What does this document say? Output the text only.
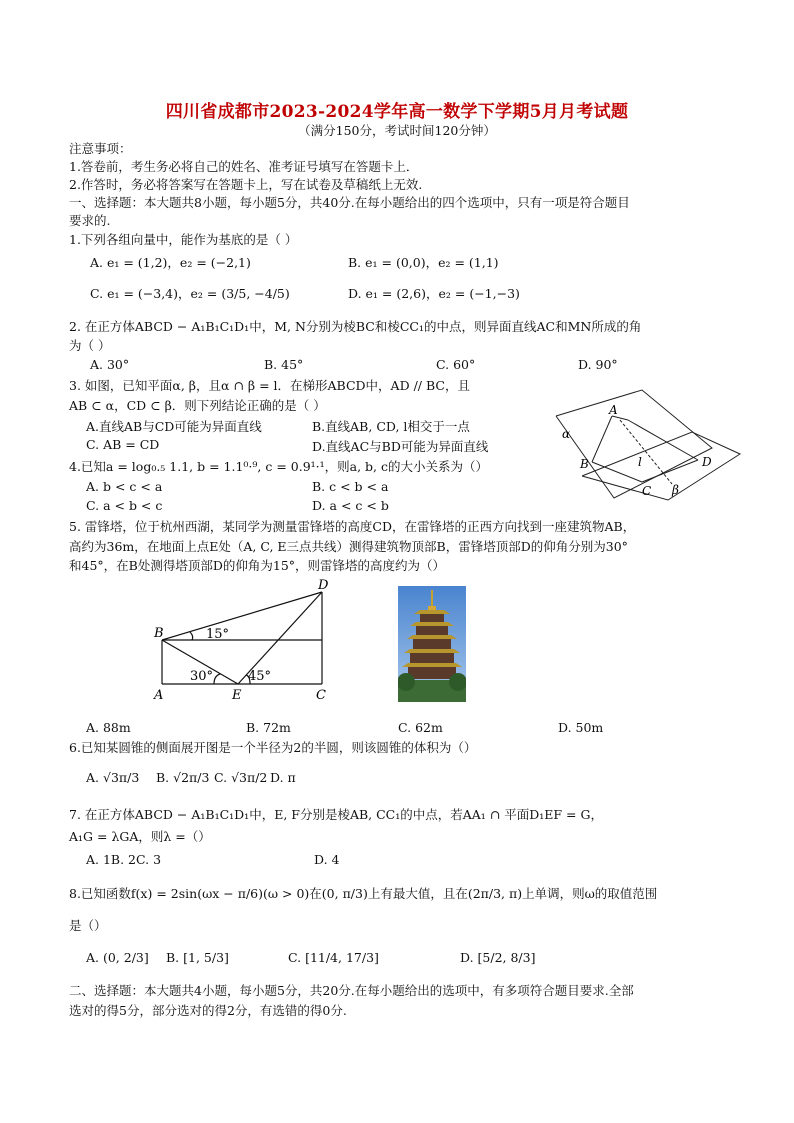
四川省成都市2023-2024学年高一数学下学期5月月考试题
（满分150分，考试时间120分钟）
注意事项：
1.答卷前，考生务必将自己的姓名、准考证号填写在答题卡上．
2.作答时，务必将答案写在答题卡上，写在试卷及草稿纸上无效.
一、选择题：本大题共8小题，每小题5分，共40分.在每小题给出的四个选项中，只有一项是符合题目
要求的.
1.下列各组向量中，能作为基底的是（ ）
A. e₁ = (1,2)，e₂ = (−2,1)	B. e₁ = (0,0)，e₂ = (1,1)
C. e₁ = (−3,4)，e₂ = (3/5, −4/5)	D. e₁ = (2,6)，e₂ = (−1,−3)
2. 在正方体ABCD − A₁B₁C₁D₁中，M, N分别为棱BC和棱CC₁的中点，则异面直线AC和MN所成的角
为（ ）
A. 30°	B. 45°	C. 60°	D. 90°
3. 如图，已知平面α, β，且α ∩ β = l．在梯形ABCD中，AD // BC，且
AB ⊂ α，CD ⊂ β．则下列结论正确的是（ ）
A.直线AB与CD可能为异面直线	B.直线AB, CD, l相交于一点
C. AB = CD	D.直线AC与BD可能为异面直线
A
α
B	l	D
C β
4.已知a = log₀.₅ 1.1, b = 1.1⁰·⁹, c = 0.9¹·¹，则a, b, c的大小关系为（）
A. b < c < a	B. c < b < a
C. a < b < c	D. a < c < b
5. 雷锋塔，位于杭州西湖，某同学为测量雷锋塔的高度CD，在雷锋塔的正西方向找到一座建筑物AB，
高约为36m，在地面上点E处（A, C, E三点共线）测得建筑物顶部B，雷锋塔顶部D的仰角分别为30°
和45°，在B处测得塔顶部D的仰角为15°，则雷锋塔的高度约为（）
D
B	15°
30°	45°
A	E	C
A. 88m	B. 72m	C. 62m	D. 50m
6.已知某圆锥的侧面展开图是一个半径为2的半圆，则该圆锥的体积为（）
A. √3π/3 B. √2π/3 C. √3π/2 D. π
7. 在正方体ABCD − A₁B₁C₁D₁中，E, F分别是棱AB, CC₁的中点，若AA₁ ∩ 平面D₁EF = G，
A₁G = λGA，则λ =（）
A. 1B. 2C. 3	D. 4
8.已知函数f(x) = 2sin(ωx − π/6)(ω > 0)在(0, π/3)上有最大值，且在(2π/3, π)上单调，则ω的取值范围
是（）
A. (0, 2/3] B. [1, 5/3]	C. [11/4, 17/3]	D. [5/2, 8/3]
二、选择题：本大题共4小题，每小题5分，共20分.在每小题给出的选项中，有多项符合题目要求.全部
选对的得5分，部分选对的得2分，有选错的得0分.
